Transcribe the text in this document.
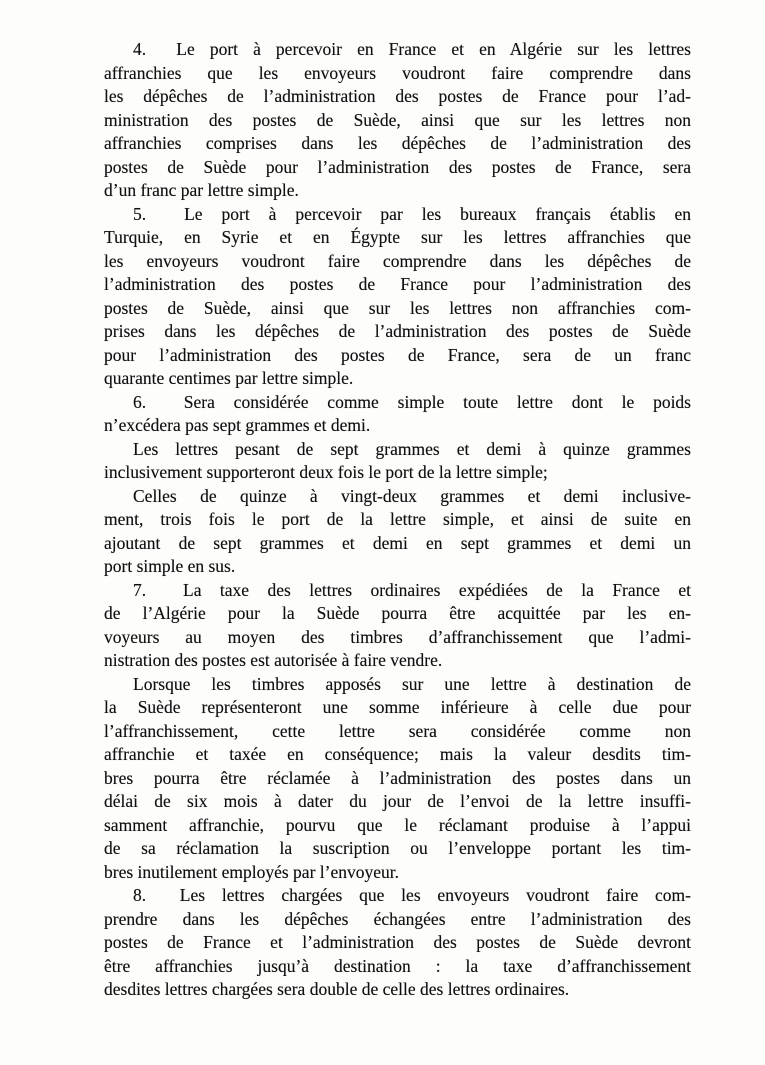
4.  Le port à percevoir en France et en Algérie sur les lettres
affranchies que les envoyeurs voudront faire comprendre dans
les dépêches de l’administration des postes de France pour l’ad-
ministration des postes de Suède, ainsi que sur les lettres non
affranchies comprises dans les dépêches de l’administration des
postes de Suède pour l’administration des postes de France, sera
d’un franc par lettre simple.
5.  Le port à percevoir par les bureaux français établis en
Turquie, en Syrie et en Égypte sur les lettres affranchies que
les envoyeurs voudront faire comprendre dans les dépêches de
l’administration des postes de France pour l’administration des
postes de Suède, ainsi que sur les lettres non affranchies com-
prises dans les dépêches de l’administration des postes de Suède
pour l’administration des postes de France, sera de un franc
quarante centimes par lettre simple.
6.  Sera considérée comme simple toute lettre dont le poids
n’excédera pas sept grammes et demi.
Les lettres pesant de sept grammes et demi à quinze grammes
inclusivement supporteront deux fois le port de la lettre simple;
Celles de quinze à vingt-deux grammes et demi inclusive-
ment, trois fois le port de la lettre simple, et ainsi de suite en
ajoutant de sept grammes et demi en sept grammes et demi un
port simple en sus.
7.  La taxe des lettres ordinaires expédiées de la France et
de l’Algérie pour la Suède pourra être acquittée par les en-
voyeurs au moyen des timbres d’affranchissement que l’admi-
nistration des postes est autorisée à faire vendre.
Lorsque les timbres apposés sur une lettre à destination de
la Suède représenteront une somme inférieure à celle due pour
l’affranchissement, cette lettre sera considérée comme non
affranchie et taxée en conséquence; mais la valeur desdits tim-
bres pourra être réclamée à l’administration des postes dans un
délai de six mois à dater du jour de l’envoi de la lettre insuffi-
samment affranchie, pourvu que le réclamant produise à l’appui
de sa réclamation la suscription ou l’enveloppe portant les tim-
bres inutilement employés par l’envoyeur.
8.  Les lettres chargées que les envoyeurs voudront faire com-
prendre dans les dépêches échangées entre l’administration des
postes de France et l’administration des postes de Suède devront
être affranchies jusqu’à destination : la taxe d’affranchissement
desdites lettres chargées sera double de celle des lettres ordinaires.
